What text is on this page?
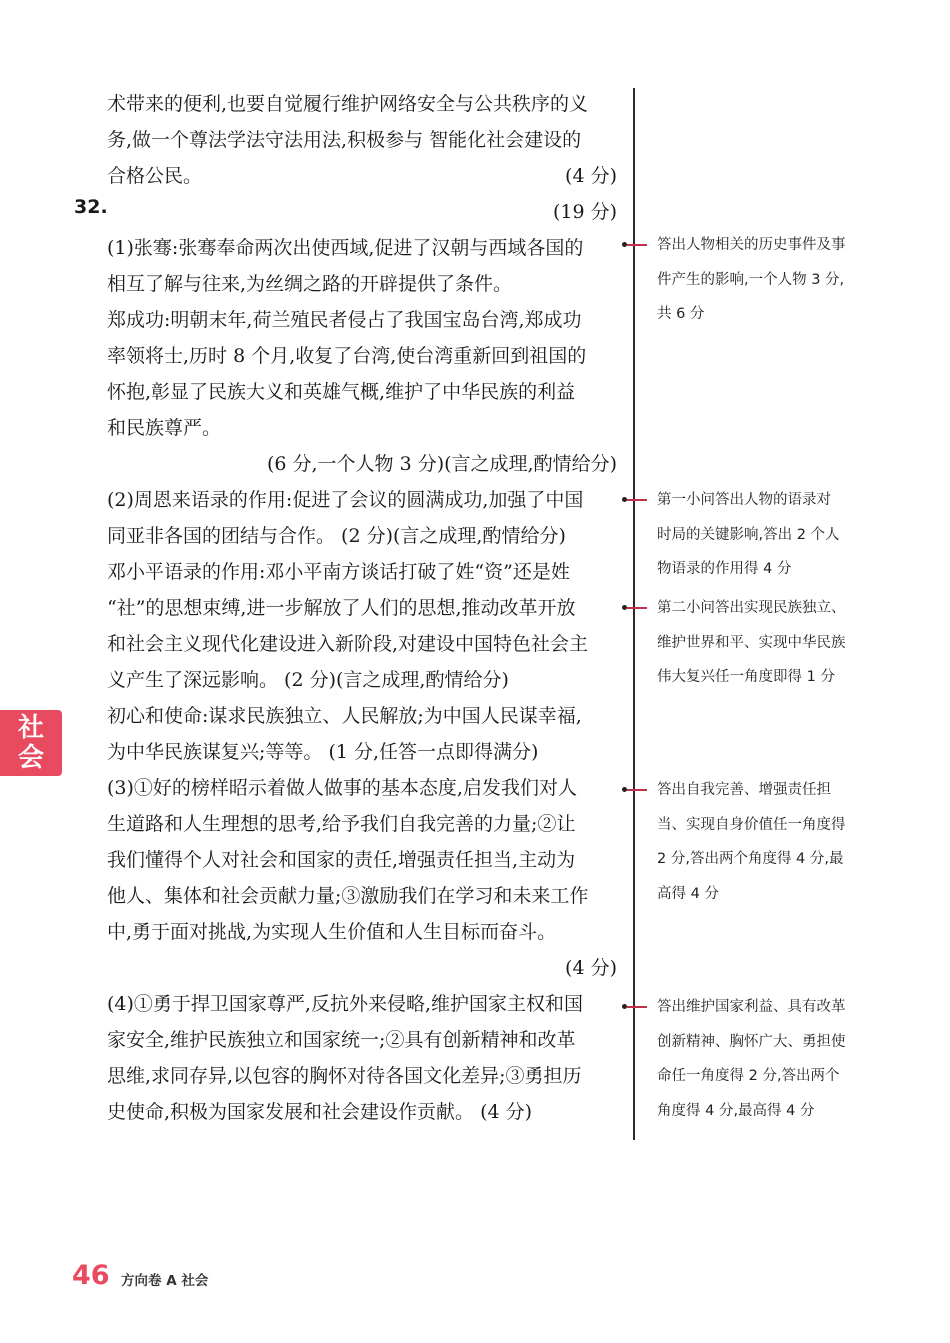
32.

术带来的便利,也要自觉履行维护网络安全与公共秩序的义

务,做一个尊法学法守法用法,积极参与 智能化社会建设的

合格公民。	(4 分)

(19 分)

(1)张骞:张骞奉命两次出使西域,促进了汉朝与西域各国的

相互了解与往来,为丝绸之路的开辟提供了条件。

郑成功:明朝末年,荷兰殖民者侵占了我国宝岛台湾,郑成功

率领将士,历时 8 个月,收复了台湾,使台湾重新回到祖国的

怀抱,彰显了民族大义和英雄气概,维护了中华民族的利益

和民族尊严。

(6 分,一个人物 3 分)(言之成理,酌情给分)

(2)周恩来语录的作用:促进了会议的圆满成功,加强了中国

同亚非各国的团结与合作。 (2 分)(言之成理,酌情给分)

邓小平语录的作用:邓小平南方谈话打破了姓“资”还是姓

“社”的思想束缚,进一步解放了人们的思想,推动改革开放

和社会主义现代化建设进入新阶段,对建设中国特色社会主

义产生了深远影响。 (2 分)(言之成理,酌情给分)

初心和使命:谋求民族独立、人民解放;为中国人民谋幸福,

为中华民族谋复兴;等等。 (1 分,任答一点即得满分)

(3)①好的榜样昭示着做人做事的基本态度,启发我们对人

生道路和人生理想的思考,给予我们自我完善的力量;②让

我们懂得个人对社会和国家的责任,增强责任担当,主动为

他人、集体和社会贡献力量;③激励我们在学习和未来工作

中,勇于面对挑战,为实现人生价值和人生目标而奋斗。

(4 分)

(4)①勇于捍卫国家尊严,反抗外来侵略,维护国家主权和国

家安全,维护民族独立和国家统一;②具有创新精神和改革

思维,求同存异,以包容的胸怀对待各国文化差异;③勇担历

史使命,积极为国家发展和社会建设作贡献。 (4 分)

答出人物相关的历史事件及事
件产生的影响,一个人物 3 分,
共 6 分
第一小问答出人物的语录对
时局的关键影响,答出 2 个人
物语录的作用得 4 分
第二小问答出实现民族独立、
维护世界和平、实现中华民族
伟大复兴任一角度即得 1 分
答出自我完善、增强责任担
当、实现自身价值任一角度得
2 分,答出两个角度得 4 分,最
高得 4 分
答出维护国家利益、具有改革
创新精神、胸怀广大、勇担使
命任一角度得 2 分,答出两个
角度得 4 分,最高得 4 分
社
会
46 方向卷 A 社会
